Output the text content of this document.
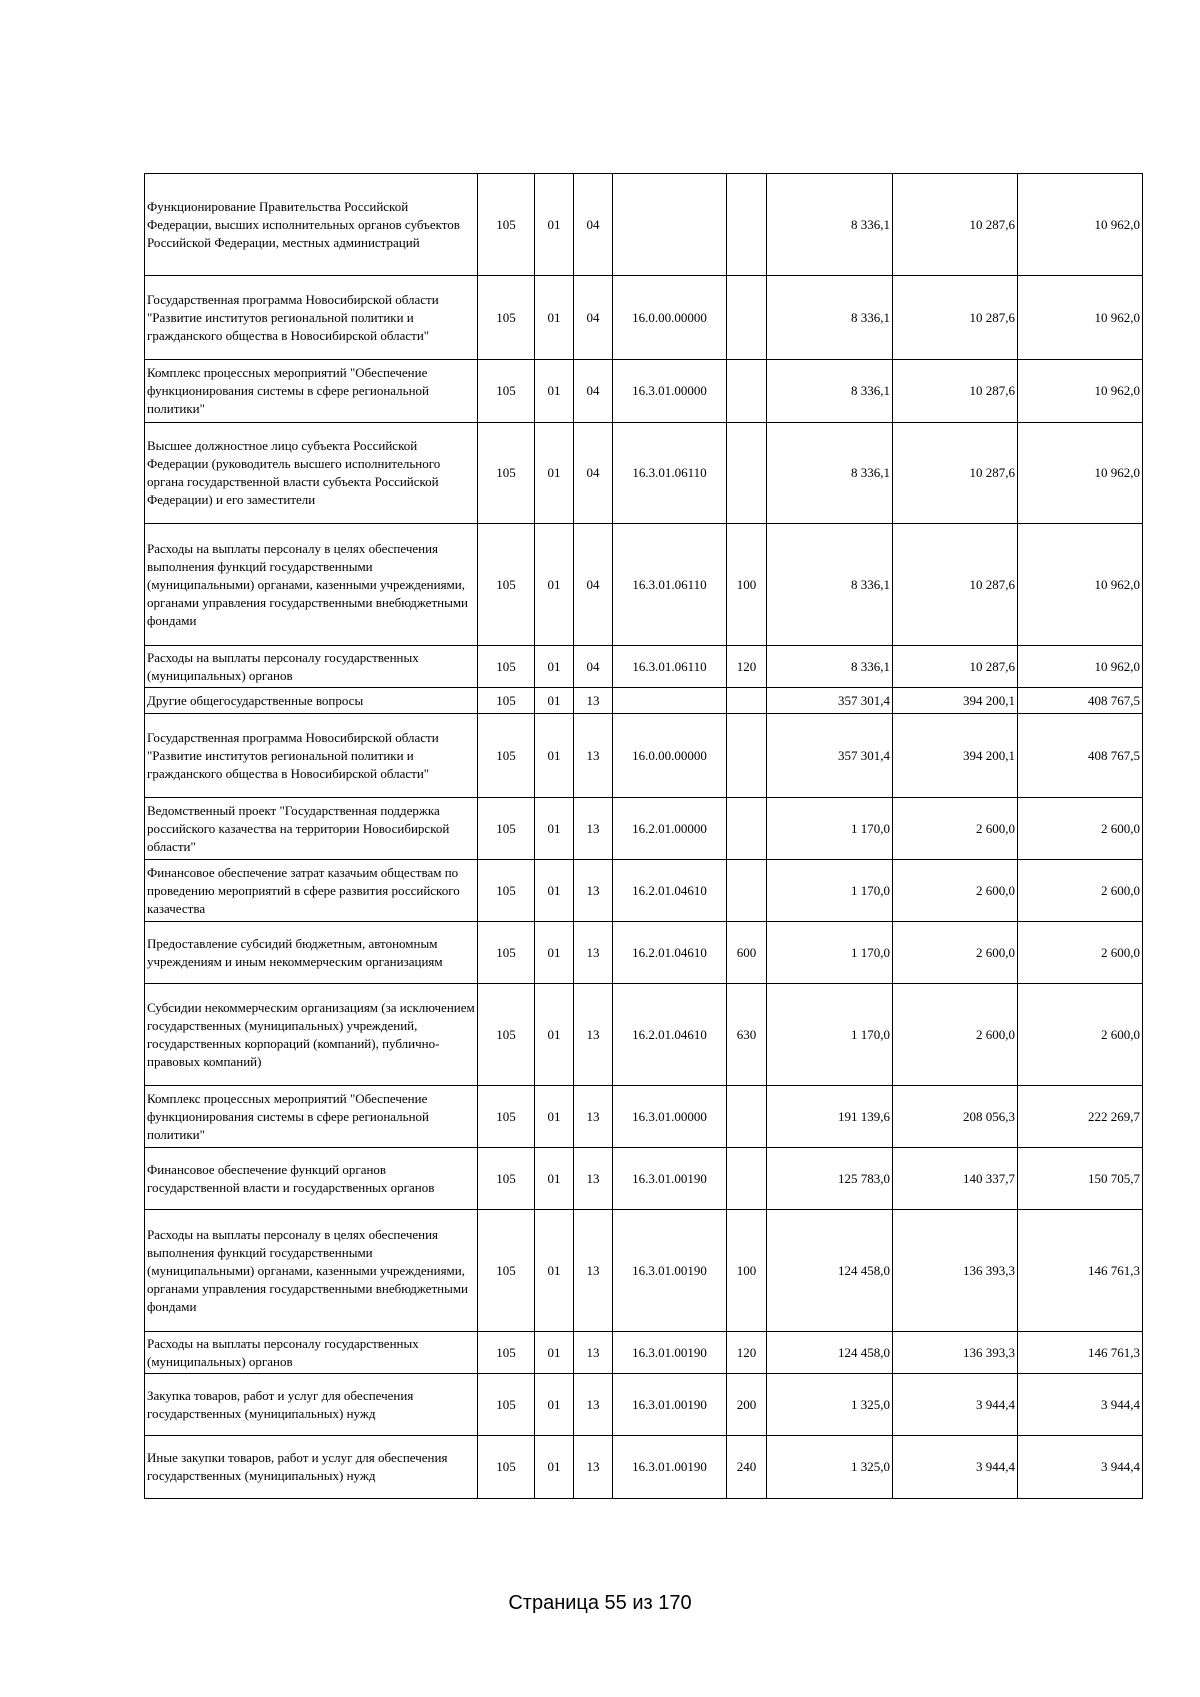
Функционирование Правительства Российской Федерации, высших исполнительных органов субъектов Российской Федерации, местных администраций	105	01	04			8 336,1	10 287,6	10 962,0
Государственная программа Новосибирской области "Развитие институтов региональной политики и гражданского общества в Новосибирской области"	105	01	04	16.0.00.00000		8 336,1	10 287,6	10 962,0
Комплекс процессных мероприятий "Обеспечение функционирования системы в сфере региональной политики"	105	01	04	16.3.01.00000		8 336,1	10 287,6	10 962,0
Высшее должностное лицо субъекта Российской Федерации (руководитель высшего исполнительного органа государственной власти субъекта Российской Федерации) и его заместители	105	01	04	16.3.01.06110		8 336,1	10 287,6	10 962,0
Расходы на выплаты персоналу в целях обеспечения выполнения функций государственными (муниципальными) органами, казенными учреждениями, органами управления государственными внебюджетными фондами	105	01	04	16.3.01.06110	100	8 336,1	10 287,6	10 962,0
Расходы на выплаты персоналу государственных (муниципальных) органов	105	01	04	16.3.01.06110	120	8 336,1	10 287,6	10 962,0
Другие общегосударственные вопросы	105	01	13			357 301,4	394 200,1	408 767,5
Государственная программа Новосибирской области "Развитие институтов региональной политики и гражданского общества в Новосибирской области"	105	01	13	16.0.00.00000		357 301,4	394 200,1	408 767,5
Ведомственный проект "Государственная поддержка российского казачества на территории Новосибирской области"	105	01	13	16.2.01.00000		1 170,0	2 600,0	2 600,0
Финансовое обеспечение затрат казачьим обществам по проведению мероприятий в сфере развития российского казачества	105	01	13	16.2.01.04610		1 170,0	2 600,0	2 600,0
Предоставление субсидий бюджетным, автономным учреждениям и иным некоммерческим организациям	105	01	13	16.2.01.04610	600	1 170,0	2 600,0	2 600,0
Субсидии некоммерческим организациям (за исключением государственных (муниципальных) учреждений, государственных корпораций (компаний), публично-правовых компаний)	105	01	13	16.2.01.04610	630	1 170,0	2 600,0	2 600,0
Комплекс процессных мероприятий "Обеспечение функционирования системы в сфере региональной политики"	105	01	13	16.3.01.00000		191 139,6	208 056,3	222 269,7
Финансовое обеспечение функций органов государственной власти и государственных органов	105	01	13	16.3.01.00190		125 783,0	140 337,7	150 705,7
Расходы на выплаты персоналу в целях обеспечения выполнения функций государственными (муниципальными) органами, казенными учреждениями, органами управления государственными внебюджетными фондами	105	01	13	16.3.01.00190	100	124 458,0	136 393,3	146 761,3
Расходы на выплаты персоналу государственных (муниципальных) органов	105	01	13	16.3.01.00190	120	124 458,0	136 393,3	146 761,3
Закупка товаров, работ и услуг для обеспечения государственных (муниципальных) нужд	105	01	13	16.3.01.00190	200	1 325,0	3 944,4	3 944,4
Иные закупки товаров, работ и услуг для обеспечения государственных (муниципальных) нужд	105	01	13	16.3.01.00190	240	1 325,0	3 944,4	3 944,4
Страница 55 из 170
